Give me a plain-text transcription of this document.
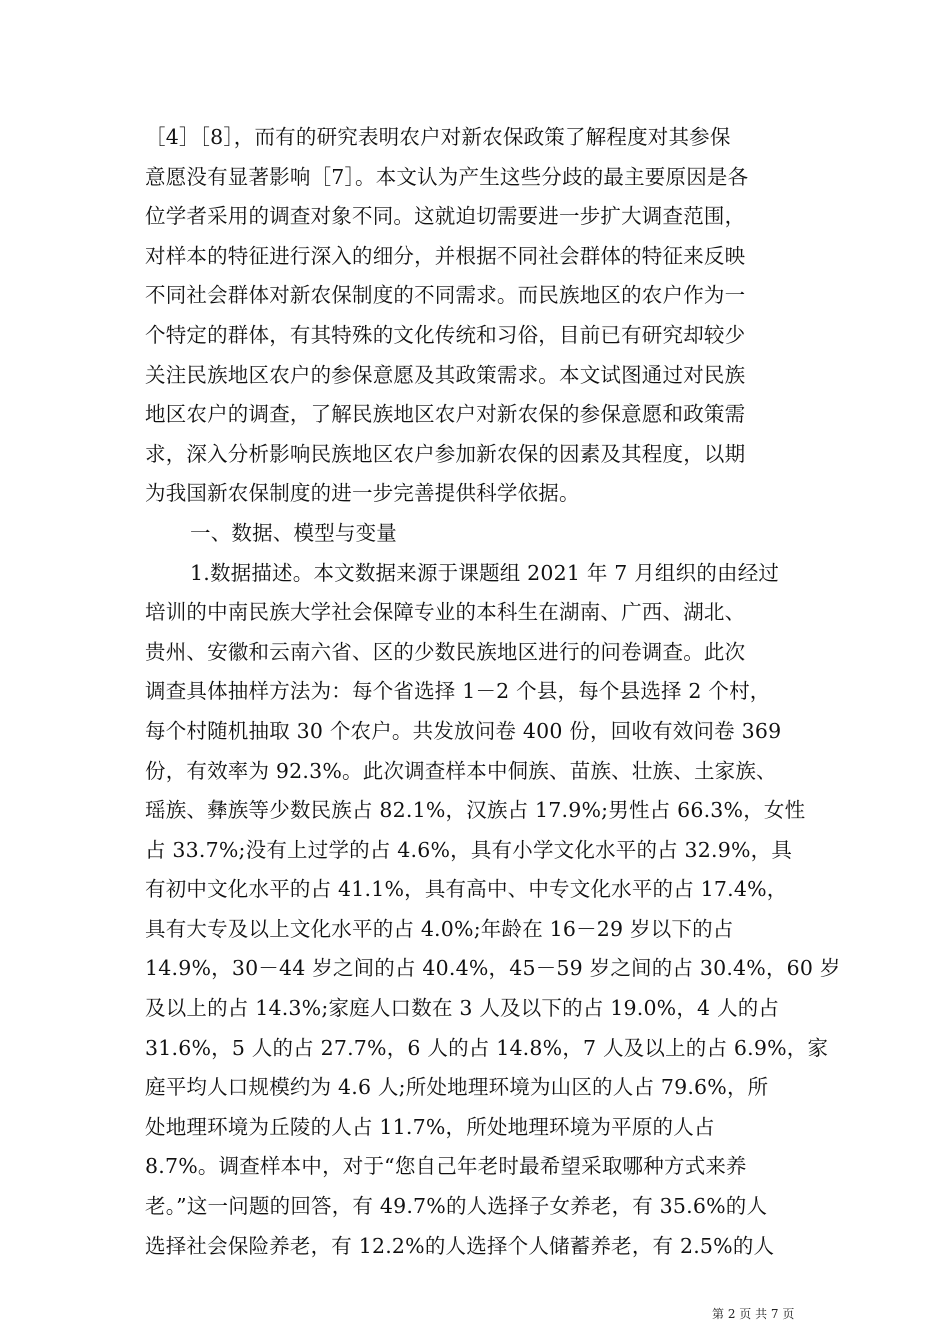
［4］［8］，而有的研究表明农户对新农保政策了解程度对其参保
意愿没有显著影响［7］。本文认为产生这些分歧的最主要原因是各
位学者采用的调查对象不同。这就迫切需要进一步扩大调查范围，
对样本的特征进行深入的细分，并根据不同社会群体的特征来反映
不同社会群体对新农保制度的不同需求。而民族地区的农户作为一
个特定的群体，有其特殊的文化传统和习俗，目前已有研究却较少
关注民族地区农户的参保意愿及其政策需求。本文试图通过对民族
地区农户的调查，了解民族地区农户对新农保的参保意愿和政策需
求，深入分析影响民族地区农户参加新农保的因素及其程度，以期
为我国新农保制度的进一步完善提供科学依据。
一、数据、模型与变量
1.数据描述。本文数据来源于课题组 2021 年 7 月组织的由经过
培训的中南民族大学社会保障专业的本科生在湖南、广西、湖北、
贵州、安徽和云南六省、区的少数民族地区进行的问卷调查。此次
调查具体抽样方法为：每个省选择 1－2 个县，每个县选择 2 个村，
每个村随机抽取 30 个农户。共发放问卷 400 份，回收有效问卷 369
份，有效率为 92.3%。此次调查样本中侗族、苗族、壮族、土家族、
瑶族、彝族等少数民族占 82.1%，汉族占 17.9%;男性占 66.3%，女性
占 33.7%;没有上过学的占 4.6%，具有小学文化水平的占 32.9%，具
有初中文化水平的占 41.1%，具有高中、中专文化水平的占 17.4%，
具有大专及以上文化水平的占 4.0%;年龄在 16－29 岁以下的占
14.9%，30－44 岁之间的占 40.4%，45－59 岁之间的占 30.4%，60 岁
及以上的占 14.3%;家庭人口数在 3 人及以下的占 19.0%，4 人的占
31.6%，5 人的占 27.7%，6 人的占 14.8%，7 人及以上的占 6.9%，家
庭平均人口规模约为 4.6 人;所处地理环境为山区的人占 79.6%，所
处地理环境为丘陵的人占 11.7%，所处地理环境为平原的人占
8.7%。调查样本中，对于“您自己年老时最希望采取哪种方式来养
老。”这一问题的回答，有 49.7%的人选择子女养老，有 35.6%的人
选择社会保险养老，有 12.2%的人选择个人储蓄养老，有 2.5%的人
第 2 页 共 7 页
